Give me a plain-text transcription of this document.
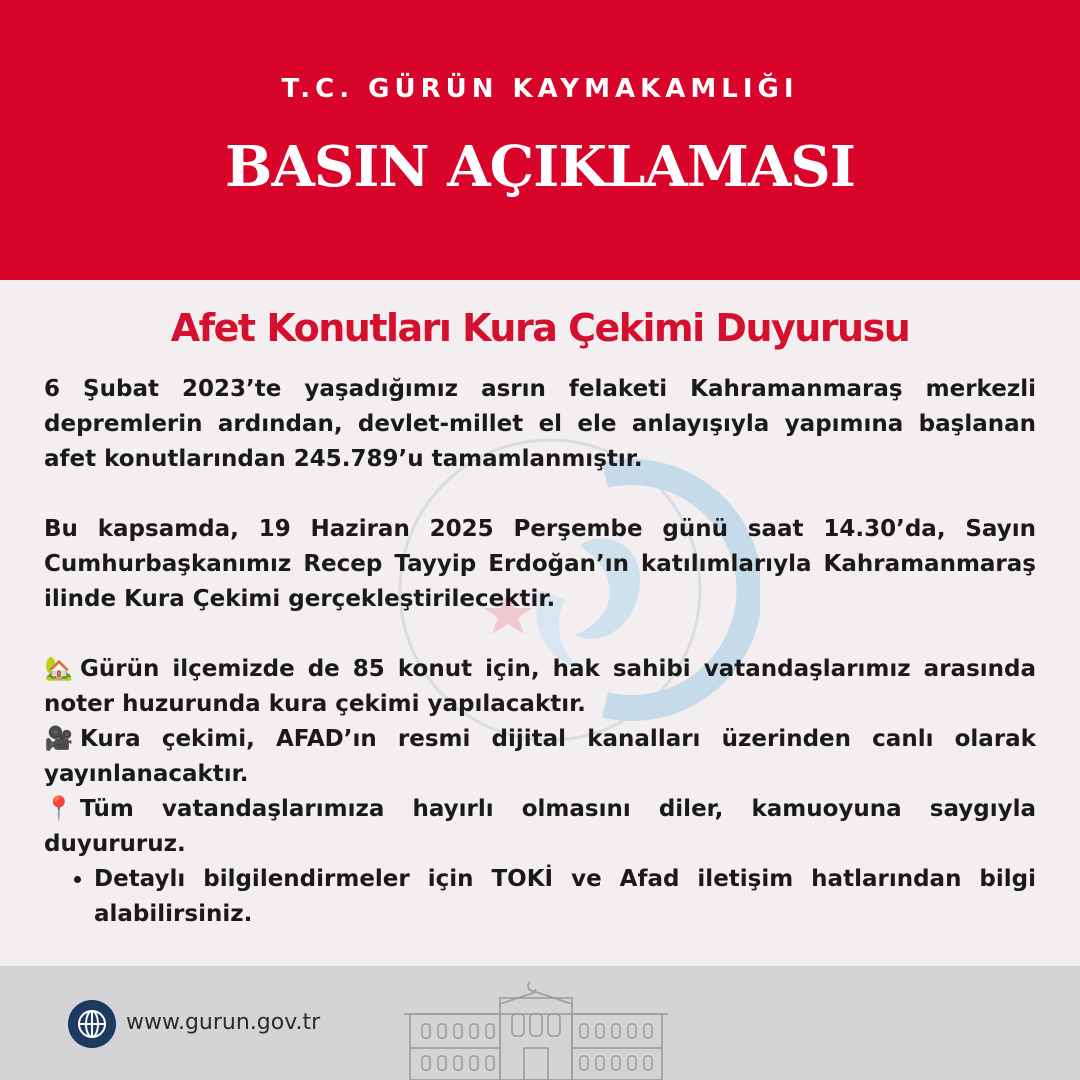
T.C. GÜRÜN KAYMAKAMLIĞI
BASIN AÇIKLAMASI
Afet Konutları Kura Çekimi Duyurusu

6 Şubat 2023’te yaşadığımız asrın felaketi Kahramanmaraş merkezli depremlerin ardından, devlet-millet el ele anlayışıyla yapımına başlanan afet konutlarından 245.789’u tamamlanmıştır.

Bu kapsamda, 19 Haziran 2025 Perşembe günü saat 14.30’da, Sayın Cumhurbaşkanımız Recep Tayyip Erdoğan’ın katılımlarıyla Kahramanmaraş ilinde Kura Çekimi gerçekleştirilecektir.

🏡 Gürün ilçemizde de 85 konut için, hak sahibi vatandaşlarımız arasında noter huzurunda kura çekimi yapılacaktır.

🎥 Kura çekimi, AFAD’ın resmi dijital kanalları üzerinden canlı olarak yayınlanacaktır.

📍 Tüm vatandaşlarımıza hayırlı olmasını diler, kamuoyuna saygıyla duyururuz.

• Detaylı bilgilendirmeler için TOKİ ve Afad iletişim hatlarından bilgi alabilirsiniz.
www.gurun.gov.tr
